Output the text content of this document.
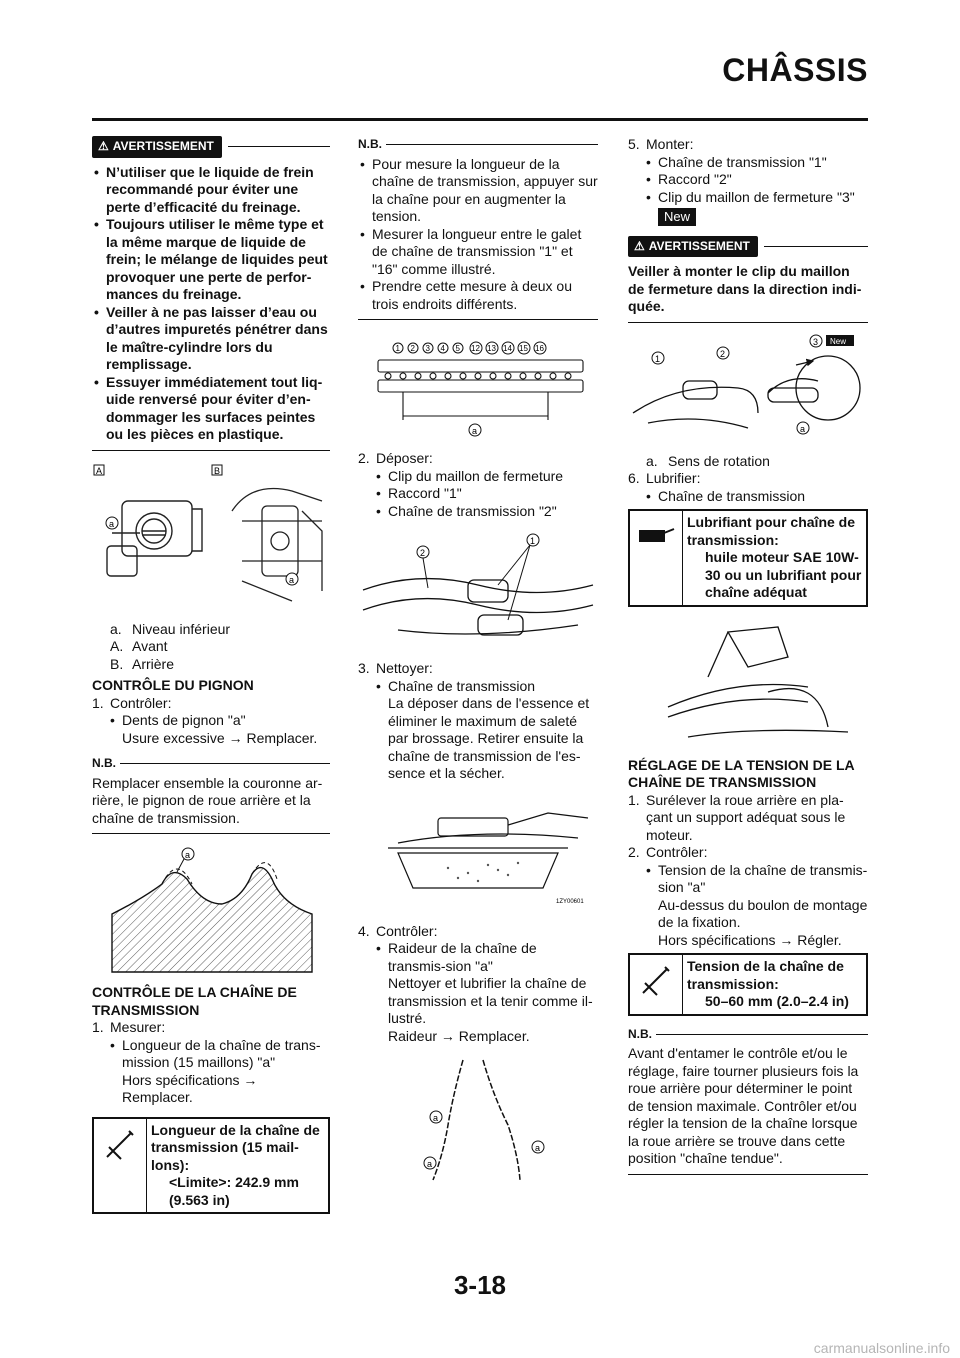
CHÂSSIS
⚠ AVERTISSEMENT
• N’utiliser que le liquide de frein recommandé pour éviter une perte d’efficacité du freinage.
• Toujours utiliser le même type et la même marque de liquide de frein; le mélange de liquides peut provoquer une perte de perfor-mances du freinage.
• Veiller à ne pas laisser d’eau ou d’autres impuretés pénétrer dans le maître-cylindre lors du remplissage.
• Essuyer immédiatement tout liq-uide renversé pour éviter d’en-dommager les surfaces peintes ou les pièces en plastique.
A	B
a
a
a. Niveau inférieur
A. Avant
B. Arrière
CONTRÔLE DU PIGNON
1. Contrôler:
• Dents de pignon "a"
Usure excessive → Remplacer.
N.B.
Remplacer ensemble la couronne ar-rière, le pignon de roue arrière et la chaîne de transmission.
a
CONTRÔLE DE LA CHAÎNE DE TRANSMISSION
1. Mesurer:
• Longueur de la chaîne de trans-mission (15 maillons) "a"
Hors spécifications → Remplacer.
Longueur de la chaîne de transmission (15 mail-lons):
<Limite>: 242.9 mm (9.563 in)
N.B.
• Pour mesure la longueur de la chaîne de transmission, appuyer sur la chaîne pour en augmenter la tension.
• Mesurer la longueur entre le galet de chaîne de transmission "1" et "16" comme illustré.
• Prendre cette mesure à deux ou trois endroits différents.
1 2 3 4 5 12 13 14 15 16
a
2. Déposer:
• Clip du maillon de fermeture
• Raccord "1"
• Chaîne de transmission "2"
2
1
3. Nettoyer:
• Chaîne de transmission
La déposer dans de l'essence et éliminer le maximum de saleté par brossage. Retirer ensuite la chaîne de transmission de l'es-sence et la sécher.
1ZY00601
4. Contrôler:
• Raideur de la chaîne de transmis-sion "a"
Nettoyer et lubrifier la chaîne de transmission et la tenir comme il-lustré.
Raideur → Remplacer.
a
a
a
5. Monter:
• Chaîne de transmission "1"
• Raccord "2"
• Clip du maillon de fermeture "3"
New
⚠ AVERTISSEMENT
Veiller à monter le clip du maillon de fermeture dans la direction indi-quée.
1	2
3 New
a
a. Sens de rotation
6. Lubrifier:
• Chaîne de transmission
Lubrifiant pour chaîne de transmission:
huile moteur SAE 10W-30 ou un lubrifiant pour chaîne adéquat
RÉGLAGE DE LA TENSION DE LA CHAÎNE DE TRANSMISSION
1. Surélever la roue arrière en pla-çant un support adéquat sous le moteur.
2. Contrôler:
• Tension de la chaîne de transmis-sion "a"
Au-dessus du boulon de montage de la fixation.
Hors spécifications → Régler.
Tension de la chaîne de transmission:
50–60 mm (2.0–2.4 in)
N.B.
Avant d'entamer le contrôle et/ou le réglage, faire tourner plusieurs fois la roue arrière pour déterminer le point de tension maximale. Contrôler et/ou régler la tension de la chaîne lorsque la roue arrière se trouve dans cette position "chaîne tendue".
3-18
carmanualsonline.info
